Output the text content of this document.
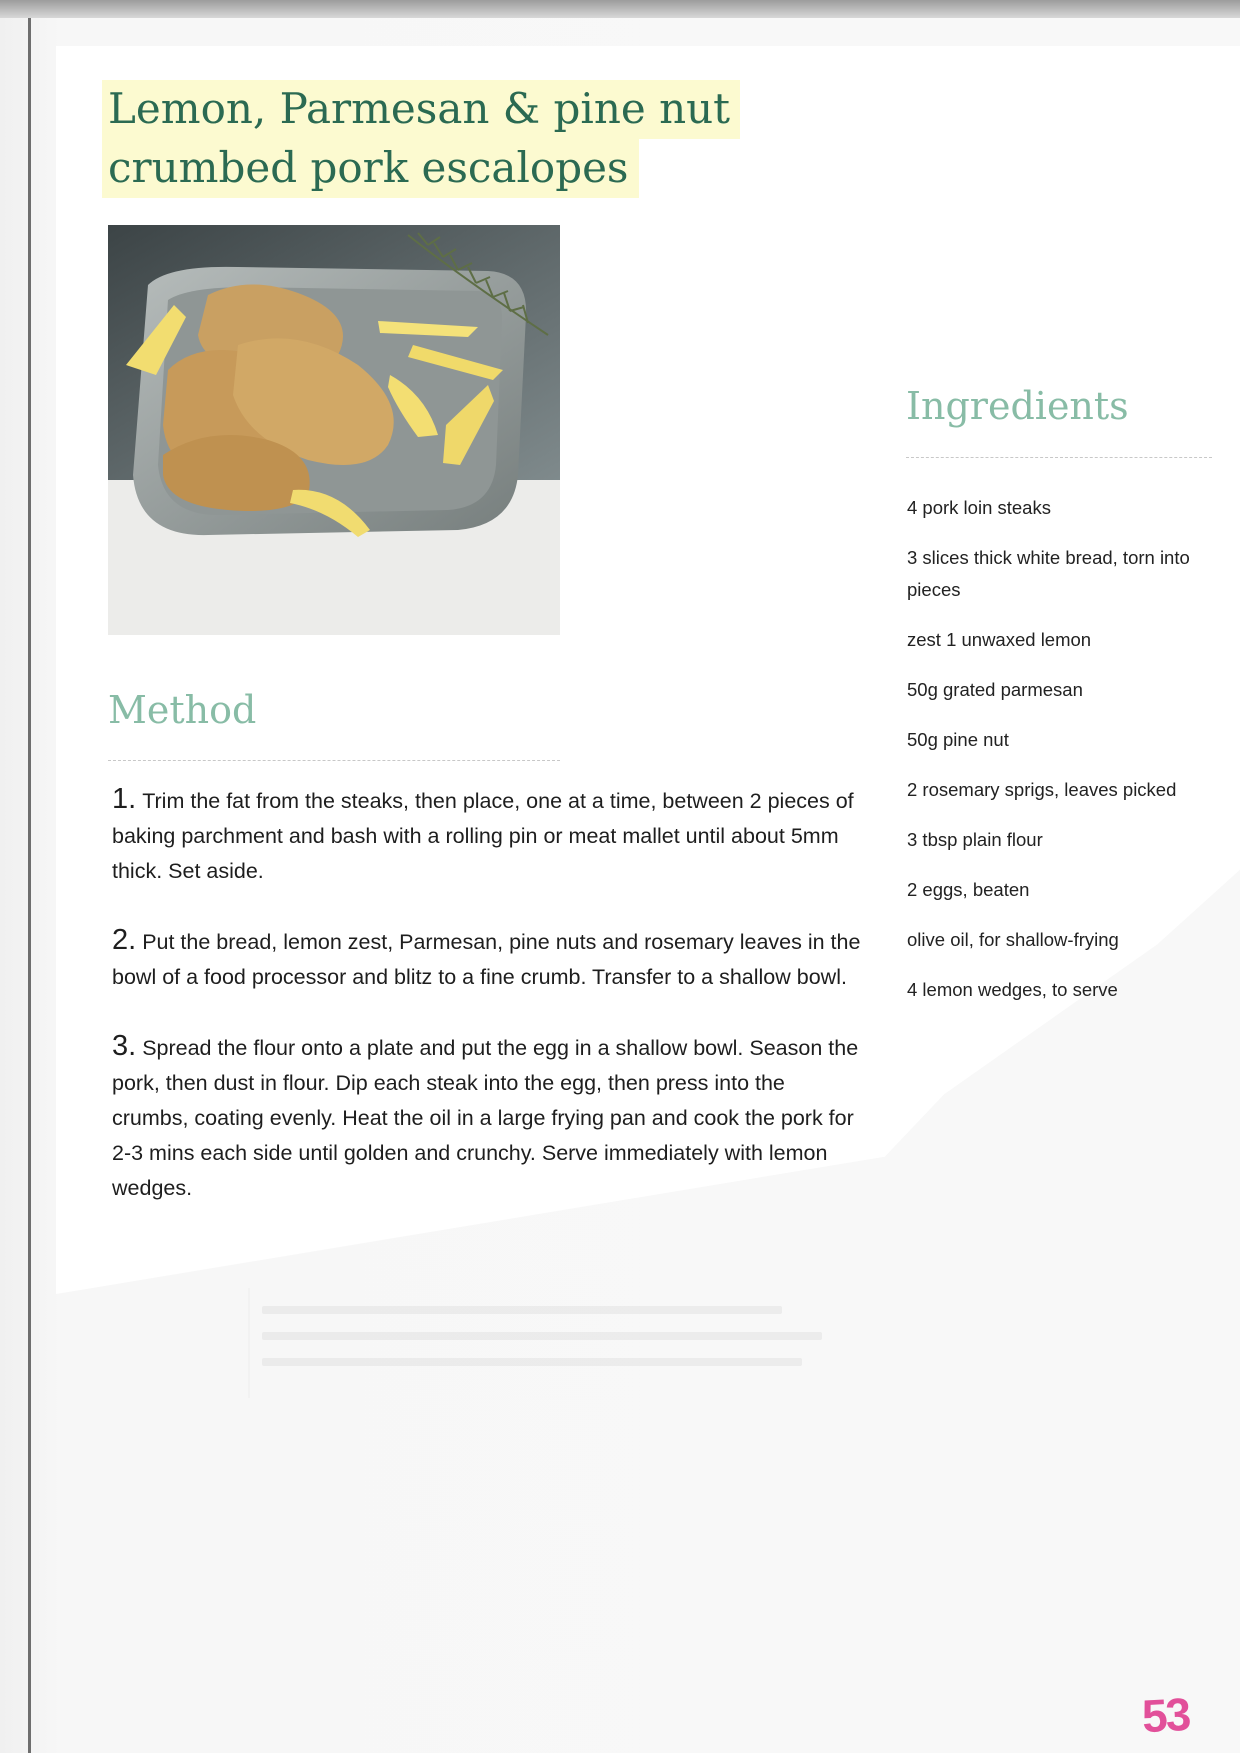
Lemon, Parmesan & pine nut
crumbed pork escalopes
Method

1. Trim the fat from the steaks, then place, one at a time, between 2 pieces of baking parchment and bash with a rolling pin or meat mallet until about 5mm thick. Set aside.

2. Put the bread, lemon zest, Parmesan, pine nuts and rosemary leaves in the bowl of a food processor and blitz to a fine crumb. Transfer to a shallow bowl.

3. Spread the flour onto a plate and put the egg in a shallow bowl. Season the pork, then dust in flour. Dip each steak into the egg, then press into the crumbs, coating evenly. Heat the oil in a large frying pan and cook the pork for 2-3 mins each side until golden and crunchy. Serve immediately with lemon wedges.

Ingredients
4 pork loin steaks
3 slices thick white bread, torn into pieces
zest 1 unwaxed lemon
50g grated parmesan
50g pine nut
2 rosemary sprigs, leaves picked
3 tbsp plain flour
2 eggs, beaten
olive oil, for shallow-frying
4 lemon wedges, to serve
53
